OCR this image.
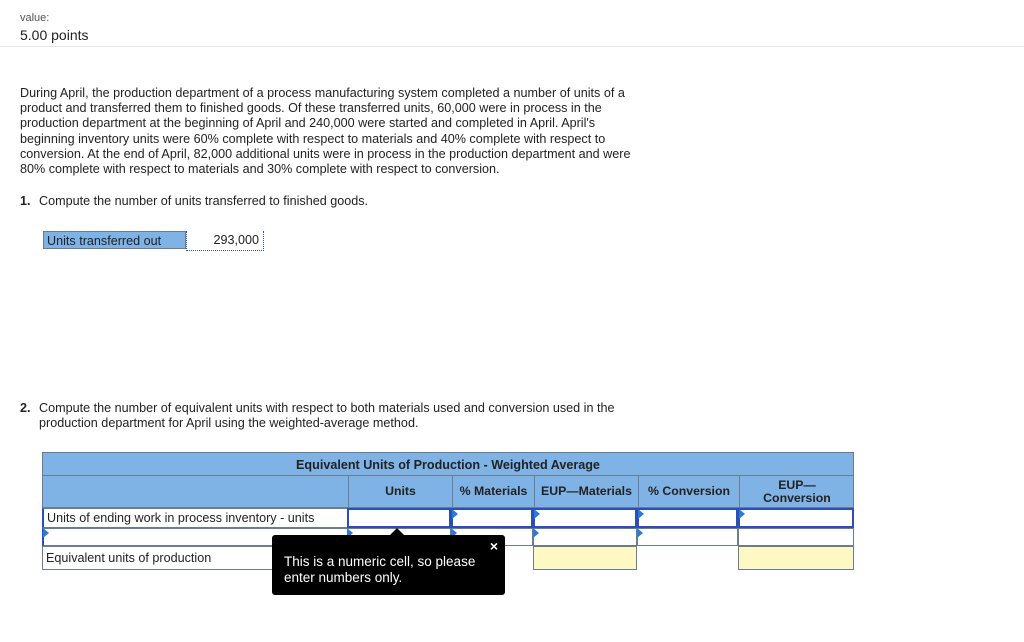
value:
5.00 points
During April, the production department of a process manufacturing system completed a number of units of a product and transferred them to finished goods. Of these transferred units, 60,000 were in process in the production department at the beginning of April and 240,000 were started and completed in April. April's beginning inventory units were 60% complete with respect to materials and 40% complete with respect to conversion. At the end of April, 82,000 additional units were in process in the production department and were 80% complete with respect to materials and 30% complete with respect to conversion.
1. Compute the number of units transferred to finished goods.
Units transferred out	293,000
2. Compute the number of equivalent units with respect to both materials used and conversion used in the production department for April using the weighted-average method.
Equivalent Units of Production - Weighted Average
Units	% Materials	EUP—Materials	% Conversion	EUP—
Conversion
Units of ending work in process inventory - units
Equivalent units of production
×
This is a numeric cell, so please enter numbers only.
